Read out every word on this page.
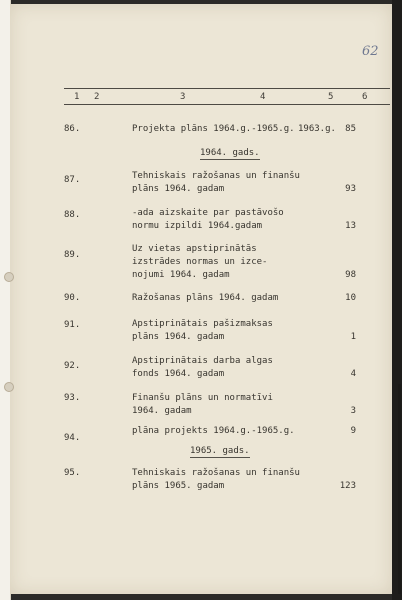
62
1 2	3	4	5	6
86.	Projekta plāns 1964.g.-1965.g. 1963.g.	85
1964. gads.
87.	Tehniskais ražošanas un finanšu
plāns 1964. gadam	93
88.	-ada aizskaite par pastāvošo
normu izpildi 1964.gadam	13
89.
Uz vietas apstiprinātās
izstrādes normas un izce-
nojumi 1964. gadam	98
90.	Ražošanas plāns 1964. gadam	10
91.	Apstiprinātais pašizmaksas
plāns 1964. gadam	1
92.	Apstiprinātais darba algas
fonds 1964. gadam	4
93.	Finanšu plāns un normatīvi
1964. gadam	3
94.
plāna projekts 1964.g.-1965.g.	9
1965. gads.
95.	Tehniskais ražošanas un finanšu
plāns 1965. gadam	123
